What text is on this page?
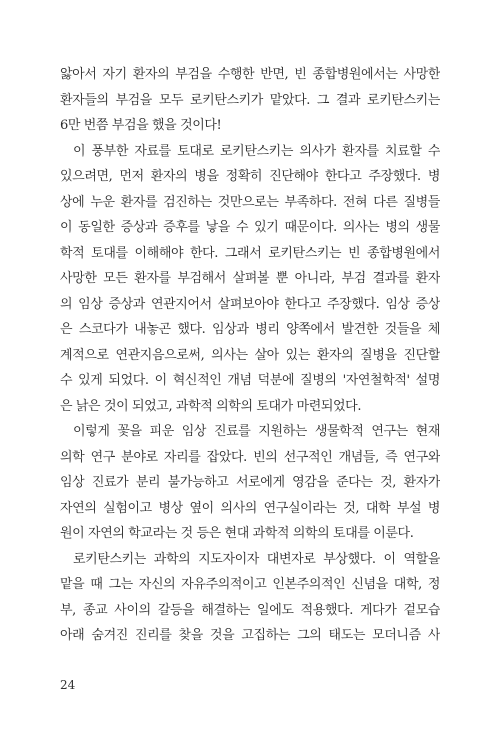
앓아서 자기 환자의 부검을 수행한 반면, 빈 종합병원에서는 사망한
환자들의 부검을 모두 로키탄스키가 맡았다. 그 결과 로키탄스키는
6만 번쯤 부검을 했을 것이다!
이 풍부한 자료를 토대로 로키탄스키는 의사가 환자를 치료할 수
있으려면, 먼저 환자의 병을 정확히 진단해야 한다고 주장했다. 병
상에 누운 환자를 검진하는 것만으로는 부족하다. 전혀 다른 질병들
이 동일한 증상과 증후를 낳을 수 있기 때문이다. 의사는 병의 생물
학적 토대를 이해해야 한다. 그래서 로키탄스키는 빈 종합병원에서
사망한 모든 환자를 부검해서 살펴볼 뿐 아니라, 부검 결과를 환자
의 임상 증상과 연관지어서 살펴보아야 한다고 주장했다. 임상 증상
은 스코다가 내놓곤 했다. 임상과 병리 양쪽에서 발견한 것들을 체
계적으로 연관지음으로써, 의사는 살아 있는 환자의 질병을 진단할
수 있게 되었다. 이 혁신적인 개념 덕분에 질병의 '자연철학적' 설명
은 낡은 것이 되었고, 과학적 의학의 토대가 마련되었다.
이렇게 꽃을 피운 임상 진료를 지원하는 생물학적 연구는 현재
의학 연구 분야로 자리를 잡았다. 빈의 선구적인 개념들, 즉 연구와
임상 진료가 분리 불가능하고 서로에게 영감을 준다는 것, 환자가
자연의 실험이고 병상 옆이 의사의 연구실이라는 것, 대학 부설 병
원이 자연의 학교라는 것 등은 현대 과학적 의학의 토대를 이룬다.
로키탄스키는 과학의 지도자이자 대변자로 부상했다. 이 역할을
맡을 때 그는 자신의 자유주의적이고 인본주의적인 신념을 대학, 정
부, 종교 사이의 갈등을 해결하는 일에도 적용했다. 게다가 겉모습
아래 숨겨진 진리를 찾을 것을 고집하는 그의 태도는 모더니즘 사
24
